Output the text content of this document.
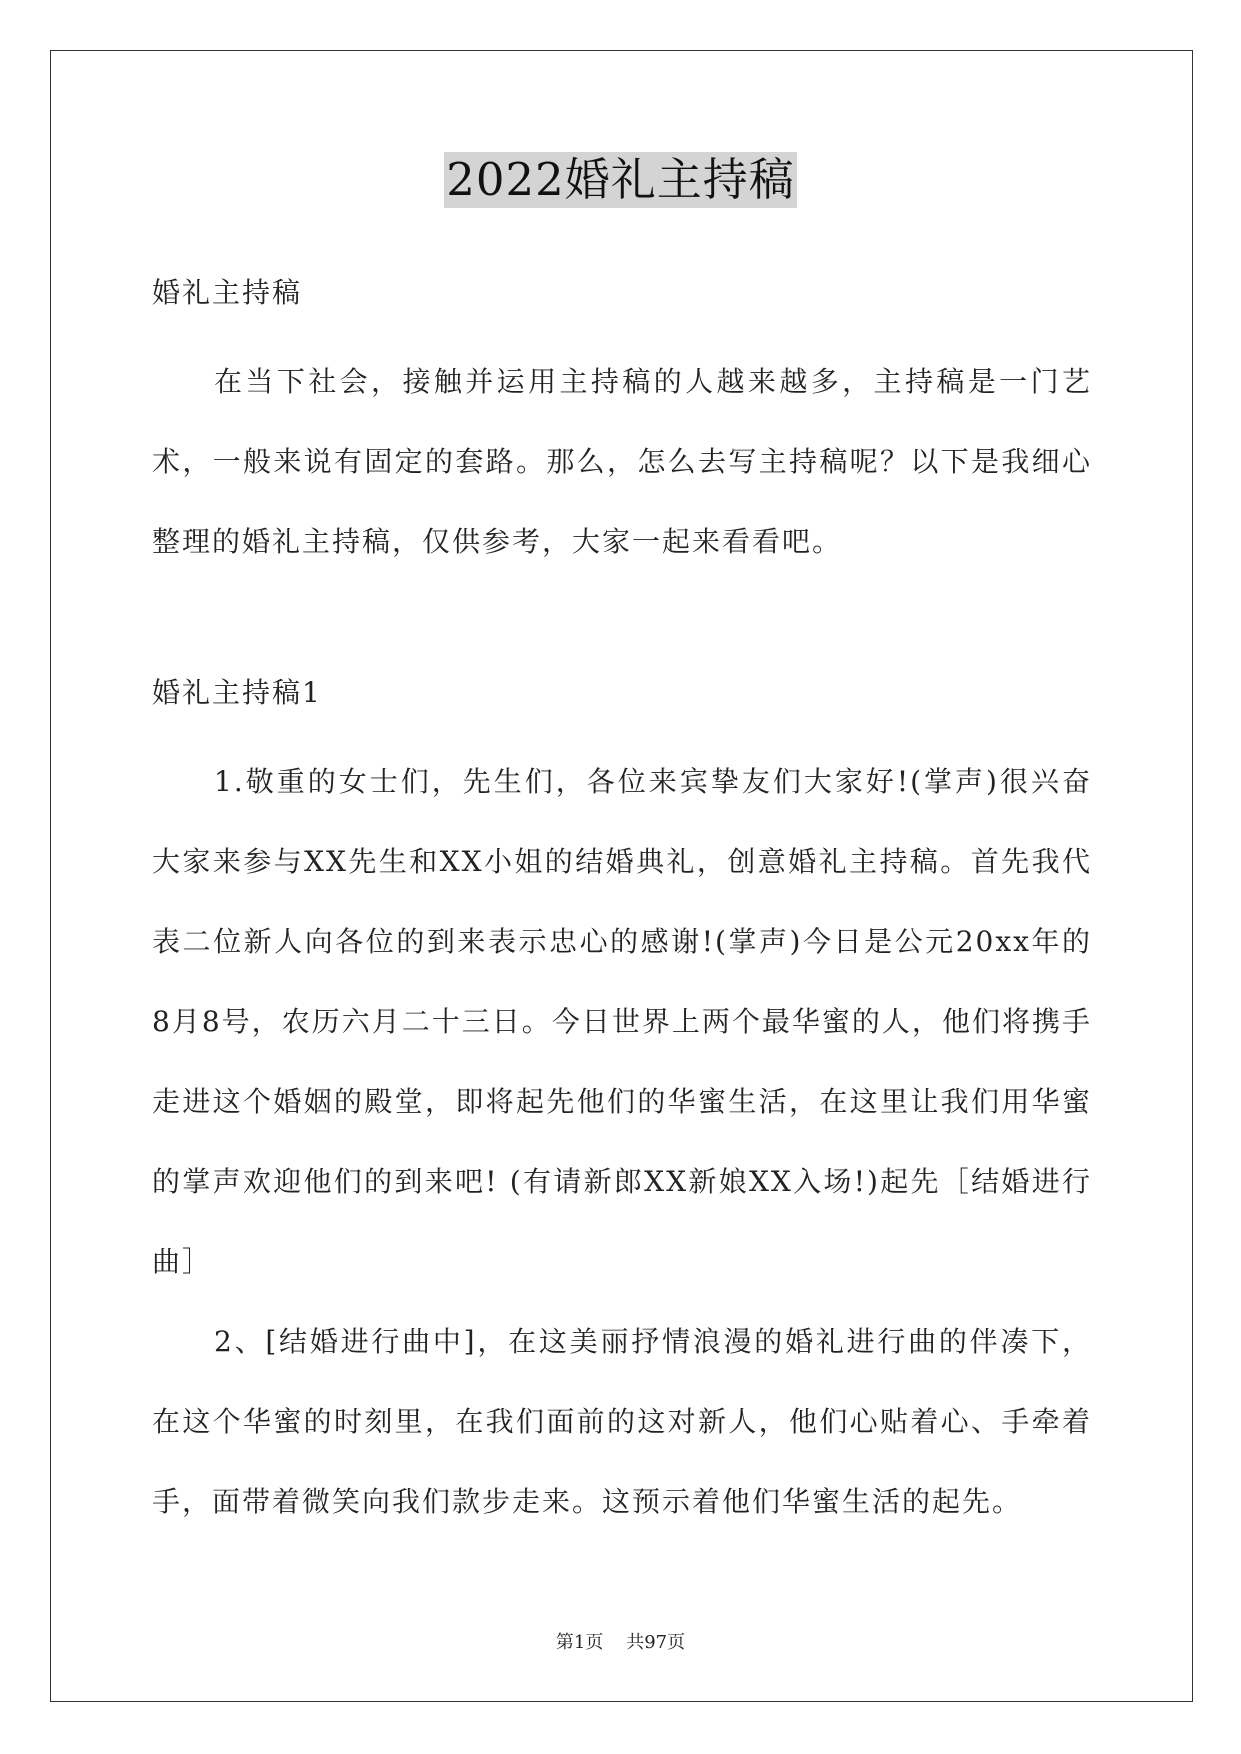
2022婚礼主持稿

婚礼主持稿

在当下社会，接触并运用主持稿的人越来越多，主持稿是一门艺术，一般来说有固定的套路。那么，怎么去写主持稿呢？以下是我细心整理的婚礼主持稿，仅供参考，大家一起来看看吧。

婚礼主持稿1

1.敬重的女士们，先生们，各位来宾挚友们大家好!(掌声)很兴奋大家来参与XX先生和XX小姐的结婚典礼，创意婚礼主持稿。首先我代表二位新人向各位的到来表示忠心的感谢!(掌声)今日是公元20xx年的8月8号，农历六月二十三日。今日世界上两个最华蜜的人，他们将携手走进这个婚姻的殿堂，即将起先他们的华蜜生活，在这里让我们用华蜜的掌声欢迎他们的到来吧! (有请新郎XX新娘XX入场!)起先［结婚进行曲］

2、[结婚进行曲中]，在这美丽抒情浪漫的婚礼进行曲的伴凑下，在这个华蜜的时刻里，在我们面前的这对新人，他们心贴着心、手牵着手，面带着微笑向我们款步走来。这预示着他们华蜜生活的起先。

第1页    共97页
